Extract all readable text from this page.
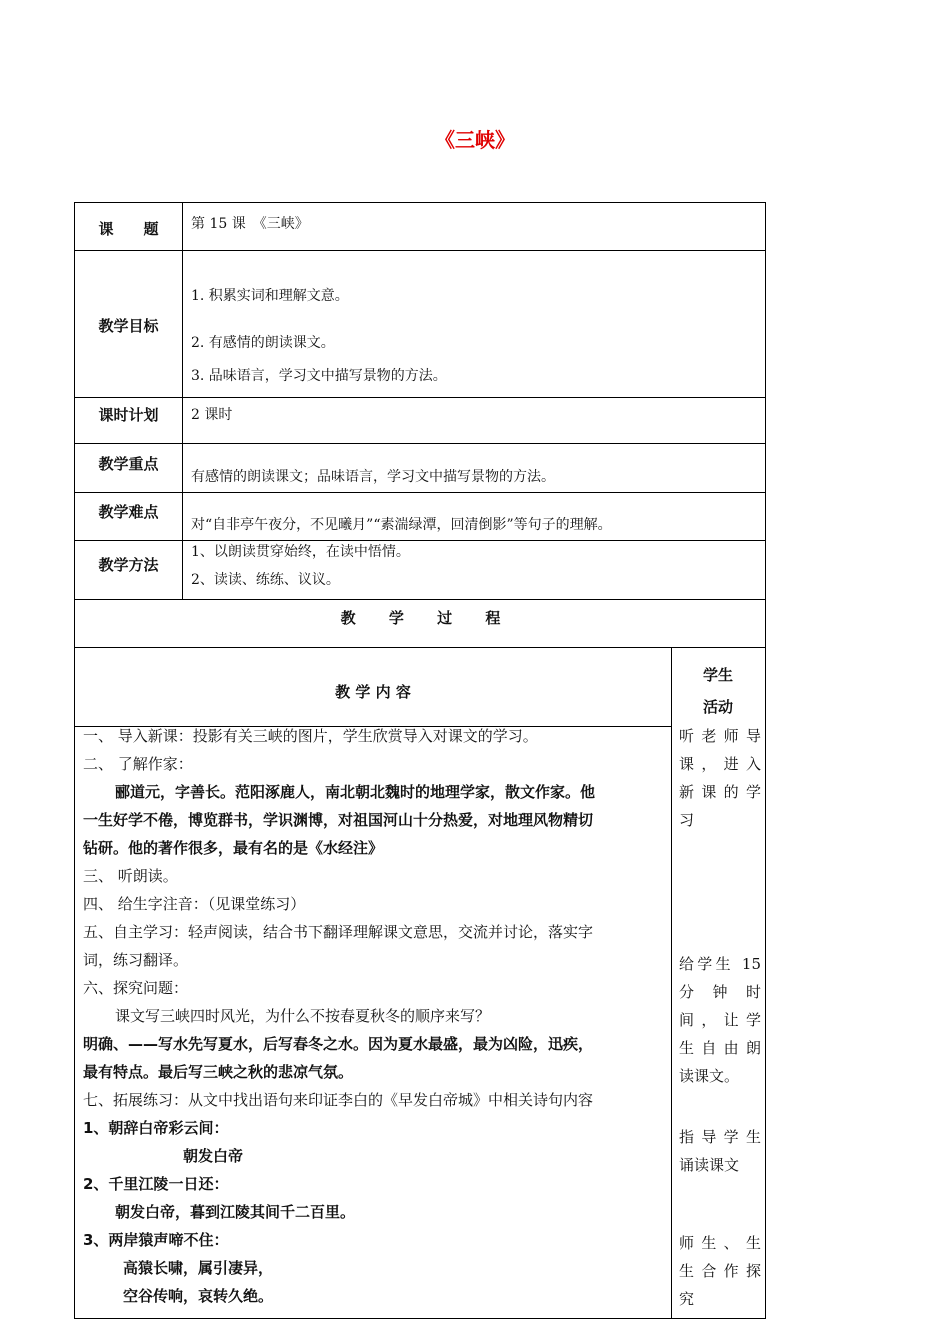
《三峡》
课　　题	第 15 课　《三峡》
教学目标
1. 积累实词和理解文意。
2. 有感情的朗读课文。
3. 品味语言，学习文中描写景物的方法。
课时计划	2 课时
教学重点
有感情的朗读课文；品味语言，学习文中描写景物的方法。
教学难点
对“自非亭午夜分，不见曦月”“素湍绿潭，回清倒影”等句子的理解。
教学方法
1、以朗读贯穿始终，在读中悟情。
2、读读、练练、议议。
教 学 过 程
教 学 内 容
学生
活动
一、 导入新课：投影有关三峡的图片，学生欣赏导入对课文的学习。
二、 了解作家：
郦道元，字善长。范阳涿鹿人，南北朝北魏时的地理学家，散文作家。他
一生好学不倦，博览群书，学识渊博，对祖国河山十分热爱，对地理风物精切
钻研。他的著作很多，最有名的是《水经注》
三、 听朗读。
四、 给生字注音：（见课堂练习）
五、自主学习：轻声阅读，结合书下翻译理解课文意思，交流并讨论，落实字
词，练习翻译。
六、探究问题：
课文写三峡四时风光，为什么不按春夏秋冬的顺序来写？
明确、——写水先写夏水，后写春冬之水。因为夏水最盛，最为凶险，迅疾，
最有特点。最后写三峡之秋的悲凉气氛。
七、拓展练习：从文中找出语句来印证李白的《早发白帝城》中相关诗句内容
1、朝辞白帝彩云间：
朝发白帝
2、千里江陵一日还：
朝发白帝，暮到江陵其间千二百里。
3、两岸猿声啼不住：
高猿长啸，属引凄异，
空谷传响，哀转久绝。
听老师导
课，进入
新课的学
习
给学生 15
分　钟　时
间，让学
生自由朗
读课文。
指导学生
诵读课文
师生、生
生合作探
究
